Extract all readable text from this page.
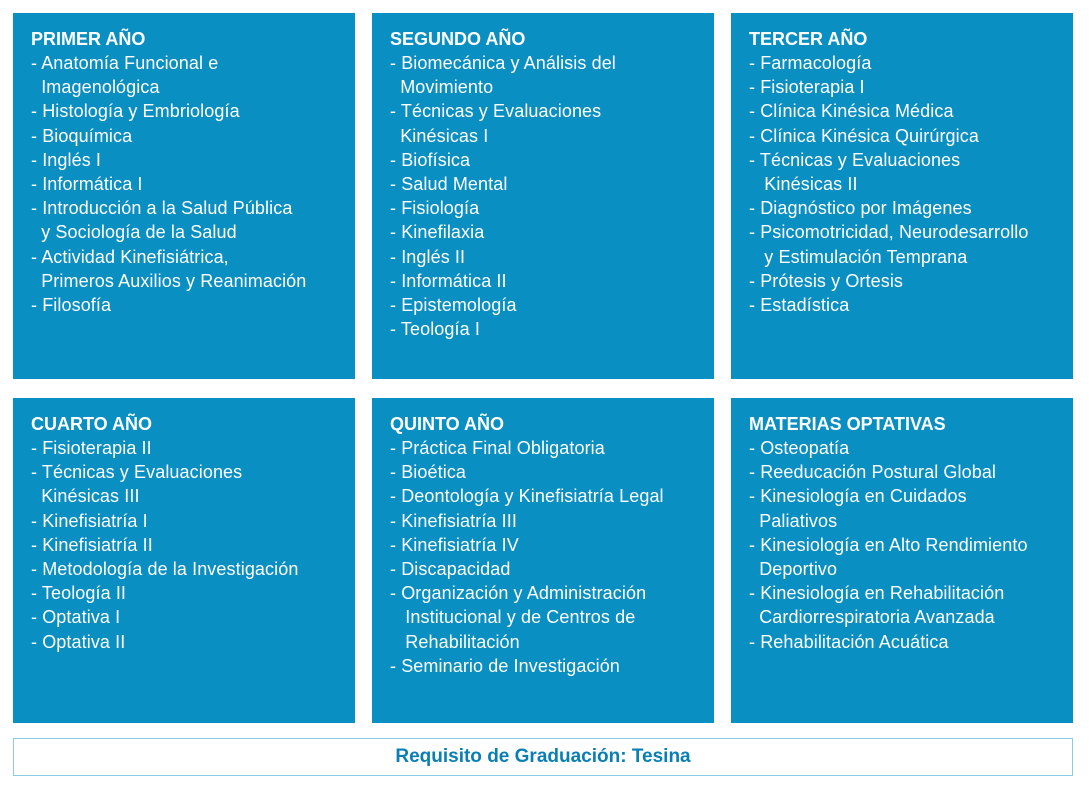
PRIMER AÑO
- Anatomía Funcional e
Imagenológica
- Histología y Embriología
- Bioquímica
- Inglés I
- Informática I
- Introducción a la Salud Pública
y Sociología de la Salud
- Actividad Kinefisiátrica,
Primeros Auxilios y Reanimación
- Filosofía
SEGUNDO AÑO
- Biomecánica y Análisis del
Movimiento
- Técnicas y Evaluaciones
Kinésicas I
- Biofísica
- Salud Mental
- Fisiología
- Kinefilaxia
- Inglés II
- Informática II
- Epistemología
- Teología I
TERCER AÑO
- Farmacología
- Fisioterapia I
- Clínica Kinésica Médica
- Clínica Kinésica Quirúrgica
- Técnicas y Evaluaciones
Kinésicas II
- Diagnóstico por Imágenes
- Psicomotricidad, Neurodesarrollo
y Estimulación Temprana
- Prótesis y Ortesis
- Estadística
CUARTO AÑO
- Fisioterapia II
- Técnicas y Evaluaciones
Kinésicas III
- Kinefisiatría I
- Kinefisiatría II
- Metodología de la Investigación
- Teología II
- Optativa I
- Optativa II
QUINTO AÑO
- Práctica Final Obligatoria
- Bioética
- Deontología y Kinefisiatría Legal
- Kinefisiatría III
- Kinefisiatría IV
- Discapacidad
- Organización y Administración
Institucional y de Centros de
Rehabilitación
- Seminario de Investigación
MATERIAS OPTATIVAS
- Osteopatía
- Reeducación Postural Global
- Kinesiología en Cuidados
Paliativos
- Kinesiología en Alto Rendimiento
Deportivo
- Kinesiología en Rehabilitación
Cardiorrespiratoria Avanzada
- Rehabilitación Acuática
Requisito de Graduación: Tesina
